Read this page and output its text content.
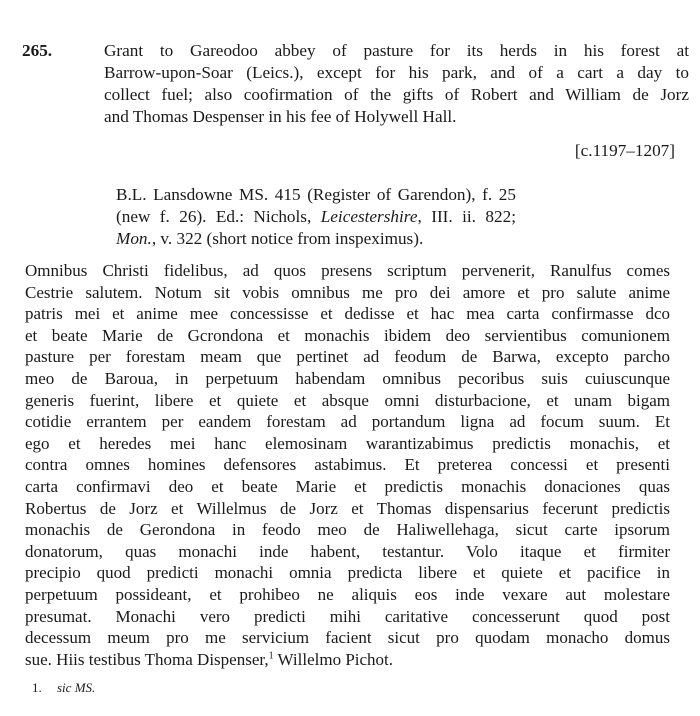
265.	Grant to Gareodoo abbey of pasture for its herds in his forest at
Barrow-upon-Soar (Leics.), except for his park, and of a cart a day to
collect fuel; also coofirmation of the gifts of Robert and William de Jorz
and Thomas Despenser in his fee of Holywell Hall.
[c.1197–1207]
B.L. Lansdowne MS. 415 (Register of Garendon), f. 25
(new f. 26). Ed.: Nichols, Leicestershire, III. ii. 822;
Mon., v. 322 (short notice from inspeximus).
Omnibus Christi fidelibus, ad quos presens scriptum pervenerit, Ranulfus comes
Cestrie salutem. Notum sit vobis omnibus me pro dei amore et pro salute anime
patris mei et anime mee concessisse et dedisse et hac mea carta confirmasse dco
et beate Marie de Gcrondona et monachis ibidem deo servientibus comunionem
pasture per forestam meam que pertinet ad feodum de Barwa, excepto parcho
meo de Baroua, in perpetuum habendam omnibus pecoribus suis cuiuscunque
generis fuerint, libere et quiete et absque omni disturbacione, et unam bigam
cotidie errantem per eandem forestam ad portandum ligna ad focum suum. Et
ego et heredes mei hanc elemosinam warantizabimus predictis monachis, et
contra omnes homines defensores astabimus. Et preterea concessi et presenti
carta confirmavi deo et beate Marie et predictis monachis donaciones quas
Robertus de Jorz et Willelmus de Jorz et Thomas dispensarius fecerunt predictis
monachis de Gerondona in feodo meo de Haliwellehaga, sicut carte ipsorum
donatorum, quas monachi inde habent, testantur. Volo itaque et firmiter
precipio quod predicti monachi omnia predicta libere et quiete et pacifice in
perpetuum possideant, et prohibeo ne aliquis eos inde vexare aut molestare
presumat. Monachi vero predicti mihi caritative concesserunt quod post
decessum meum pro me servicium facient sicut pro quodam monacho domus
sue. Hiis testibus Thoma Dispenser,$^1$ Willelmo Pichot.
1. sic MS.
